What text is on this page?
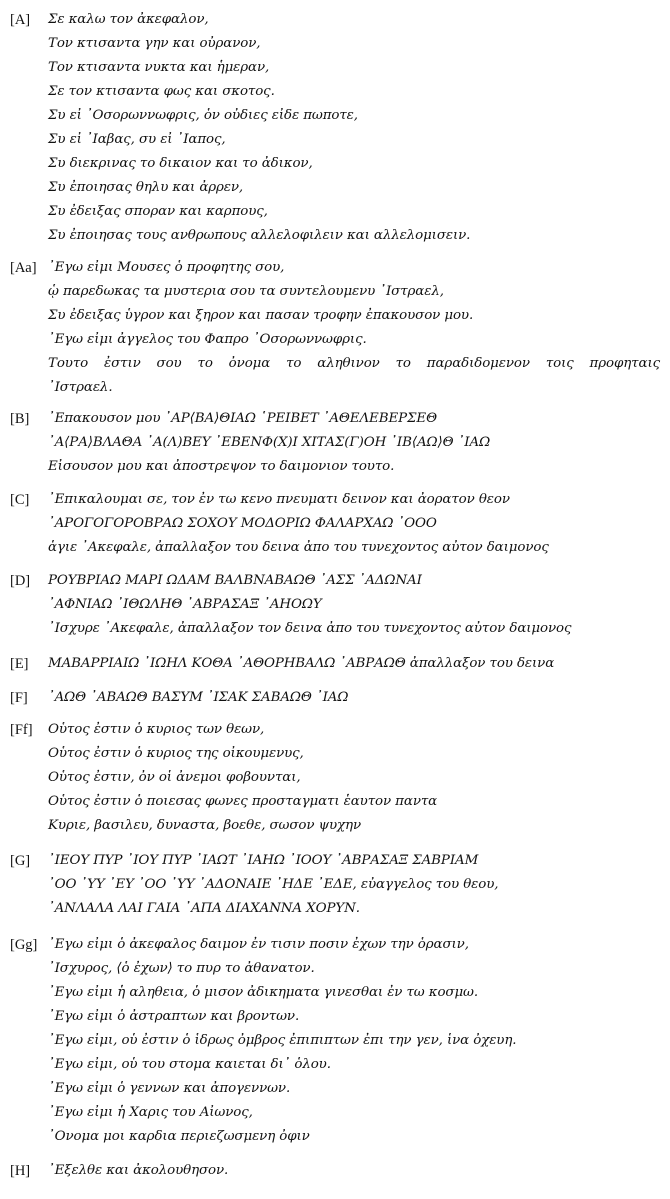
[A] Σε καλω τον ἀκεφαλον,
Τον κτισαντα γην και οὐρανον,
Τον κτισαντα νυκτα και ἡμεραν,
Σε τον κτισαντα φως και σκοτος.
Συ εἰ ᾿Οσορωννωφρις, ὁν οὐδιες εἰδε πωποτε,
Συ εἰ ᾿Ιαβας, συ εἰ ᾿Ιαπος,
Συ διεκρινας το δικαιον και το ἀδικον,
Συ ἐποιησας θηλυ και ἀρρεν,
Συ ἐδειξας σποραν και καρπους,
Συ ἐποιησας τους ανθρωπους αλλελοφιλειν και αλλελομισειν.
[Aa] ᾿Εγω εἰμι Μουσες ὁ προφητης σου,
ᾡ παρεδωκας τα μυστερια σου τα συντελουμενυ ᾿Ιστραελ,
Συ ἐδειξας ὑγρον και ξηρον και πασαν τροφην ἐπακουσον μου.
᾿Εγω εἰμι ἀγγελος του Φαπρο ᾿Οσορωννωφρις.
Τουτο ἐστιν σου το ὀνομα το αληθινον το παραδιδομενον τοις προφηταις
᾿Ιστραελ.
[B] ᾿Επακουσον μου ᾿ΑΡ⟨ΒΑ⟩ΘΙΑΩ ῾ΡΕΙΒΕΤ ᾿ΑΘΕΛΕΒΕΡΣΕΘ
᾿Α⟨ΡΑ⟩ΒΛΑΘΑ ᾿Α(Λ)ΒΕΥ ᾿ΕΒΕΝΦ(Χ)Ι ΧΙΤΑΣ(Γ)ΟΗ ᾿ΙΒ⟨ΑΩ⟩Θ ᾿ΙΑΩ
Εἰσουσον μου και ἀποστρεψον το δαιμονιον τουτο.
[C] ᾿Επικαλουμαι σε, τον ἐν τω κενο πνευματι δεινον και ἀορατον θεον
᾿ΑΡΟΓΟΓΟΡΟΒΡΑΩ ΣΟΧΟΥ ΜΟΔΟΡΙΩ ΦΑΛΑΡΧΑΩ ᾿ΟΟΟ
ἁγιε ᾿Ακεφαλε, ἀπαλλαξον του δεινα ἀπο του τυνεχοντος αὐτον δαιμονος
[D] ΡΟΥΒΡΙΑΩ ΜΑΡΙ ΩΔΑΜ ΒΑΛΒΝΑΒΑΩΘ ᾿ΑΣΣ ᾿ΑΔΩΝΑΙ
᾿ΑΦΝΙΑΩ ᾿ΙΘΩΛΗΘ ᾿ΑΒΡΑΣΑΞ ᾿ΑΗΟΩΥ
᾿Ισχυρε ᾿Ακεφαλε, ἀπαλλαξον τον δεινα ἀπο του τυνεχοντος αὐτον δαιμονος
[E] ΜΑΒΑΡΡΙΑΙΩ ᾿ΙΩΗΛ ΚΟΘΑ ᾿ΑΘΟΡΗΒΑΛΩ ᾿ΑΒΡΑΩΘ ἀπαλλαξον του δεινα
[F] ᾿ΑΩΘ ᾿ΑΒΑΩΘ ΒΑΣΥΜ ᾿ΙΣΑΚ ΣΑΒΑΩΘ ᾿ΙΑΩ
[Ff] Οὑτος ἐστιν ὁ κυριος των θεων,
Οὑτος ἐστιν ὁ κυριος της οἰκουμενυς,
Οὑτος ἐστιν, ὀν οἱ ἀνεμοι φοβουνται,
Οὑτος ἐστιν ὁ ποιεσας φωνες προσταγματι ἑαυτον παντα
Κυριε, βασιλευ, δυναστα, βοεθε, σωσον ψυχην
[G] ᾿ΙΕΟΥ ΠΥΡ ᾿ΙΟΥ ΠΥΡ ᾿ΙΑΩΤ ᾿ΙΑΗΩ ᾿ΙΟΟΥ ᾿ΑΒΡΑΣΑΞ ΣΑΒΡΙΑΜ
᾿ΟΟ ᾿ΥΥ ᾿ΕΥ ᾿ΟΟ ᾿ΥΥ ᾿ΑΔΟΝΑΙΕ ᾿ΗΔΕ ᾿ΕΔΕ, εὐαγγελος του θεου,
᾿ΑΝΛΑΛΑ ΛΑΙ ΓΑΙΑ ᾿ΑΠΑ ΔΙΑΧΑΝΝΑ ΧΟΡΥΝ.
[Gg] ᾿Εγω εἰμι ὁ ἀκεφαλος δαιμον ἐν τισιν ποσιν ἐχων την ὁρασιν,
᾿Ισχυρος, ⟨ὁ ἐχων⟩ το πυρ το ἀθανατον.
᾿Εγω εἰμι ἡ αληθεια, ὁ μισον ἀδικηματα γινεσθαι ἐν τω κοσμω.
᾿Εγω εἰμι ὁ ἀστραπτων και βροντων.
᾿Εγω εἰμι, οὑ ἐστιν ὁ ἱδρως ὀμβρος ἐπιπιπτων ἐπι την γεν, ἱνα ὀχευη.
᾿Εγω εἰμι, οὑ του στομα καιεται δι᾿ ὁλου.
᾿Εγω εἰμι ὁ γεννων και ἀπογεννων.
᾿Εγω εἰμι ἡ Χαρις του Αἰωνος,
᾿Ονομα μοι καρδια περιεζωσμενη ὀφιν
[H] ᾿Εξελθε και ἀκολουθησον.
